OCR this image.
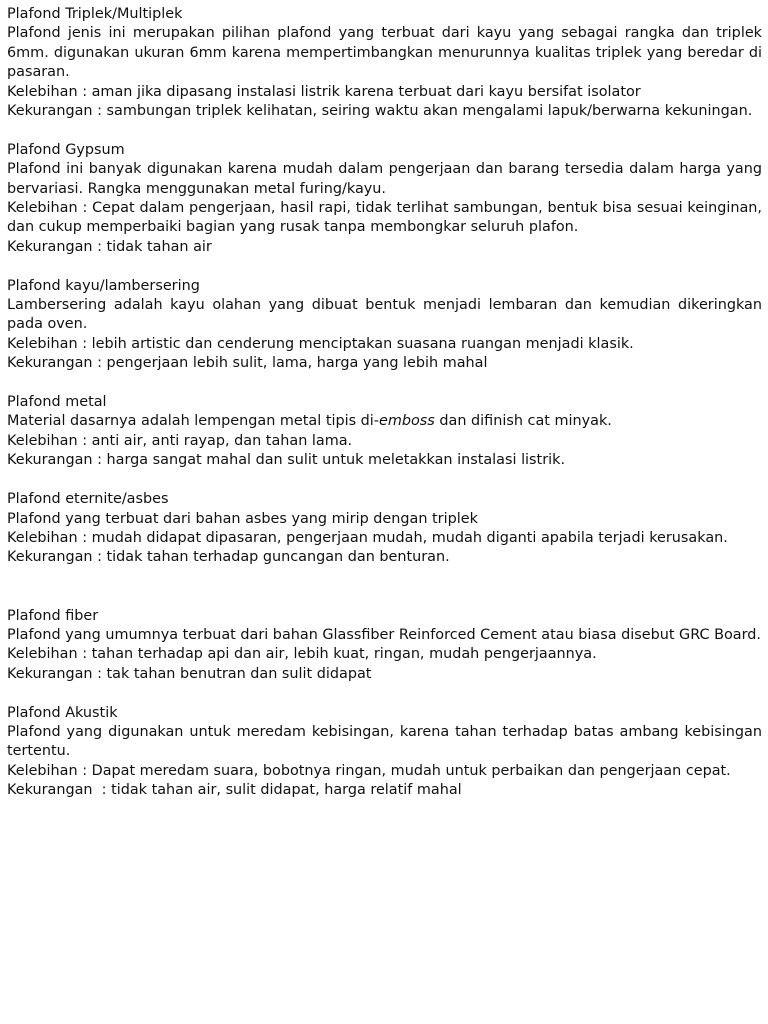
Plafond Triplek/Multiplek
Plafond jenis ini merupakan pilihan plafond yang terbuat dari kayu yang sebagai rangka dan triplek 6mm. digunakan ukuran 6mm karena mempertimbangkan menurunnya kualitas triplek yang beredar di pasaran.
Kelebihan : aman jika dipasang instalasi listrik karena terbuat dari kayu bersifat isolator
Kekurangan : sambungan triplek kelihatan, seiring waktu akan mengalami lapuk/berwarna kekuningan.
Plafond Gypsum
Plafond ini banyak digunakan karena mudah dalam pengerjaan dan barang tersedia dalam harga yang bervariasi. Rangka menggunakan metal furing/kayu.
Kelebihan : Cepat dalam pengerjaan, hasil rapi, tidak terlihat sambungan, bentuk bisa sesuai keinginan, dan cukup memperbaiki bagian yang rusak tanpa membongkar seluruh plafon.
Kekurangan : tidak tahan air
Plafond kayu/lambersering
Lambersering adalah kayu olahan yang dibuat bentuk menjadi lembaran dan kemudian dikeringkan pada oven.
Kelebihan : lebih artistic dan cenderung menciptakan suasana ruangan menjadi klasik.
Kekurangan : pengerjaan lebih sulit, lama, harga yang lebih mahal
Plafond metal
Material dasarnya adalah lempengan metal tipis di-emboss dan difinish cat minyak.
Kelebihan : anti air, anti rayap, dan tahan lama.
Kekurangan : harga sangat mahal dan sulit untuk meletakkan instalasi listrik.
Plafond eternite/asbes
Plafond yang terbuat dari bahan asbes yang mirip dengan triplek
Kelebihan : mudah didapat dipasaran, pengerjaan mudah, mudah diganti apabila terjadi kerusakan.
Kekurangan : tidak tahan terhadap guncangan dan benturan.
Plafond fiber
Plafond yang umumnya terbuat dari bahan Glassfiber Reinforced Cement atau biasa disebut GRC Board.
Kelebihan : tahan terhadap api dan air, lebih kuat, ringan, mudah pengerjaannya.
Kekurangan : tak tahan benutran dan sulit didapat
Plafond Akustik
Plafond yang digunakan untuk meredam kebisingan, karena tahan terhadap batas ambang kebisingan tertentu.
Kelebihan : Dapat meredam suara, bobotnya ringan, mudah untuk perbaikan dan pengerjaan cepat.
Kekurangan  : tidak tahan air, sulit didapat, harga relatif mahal
